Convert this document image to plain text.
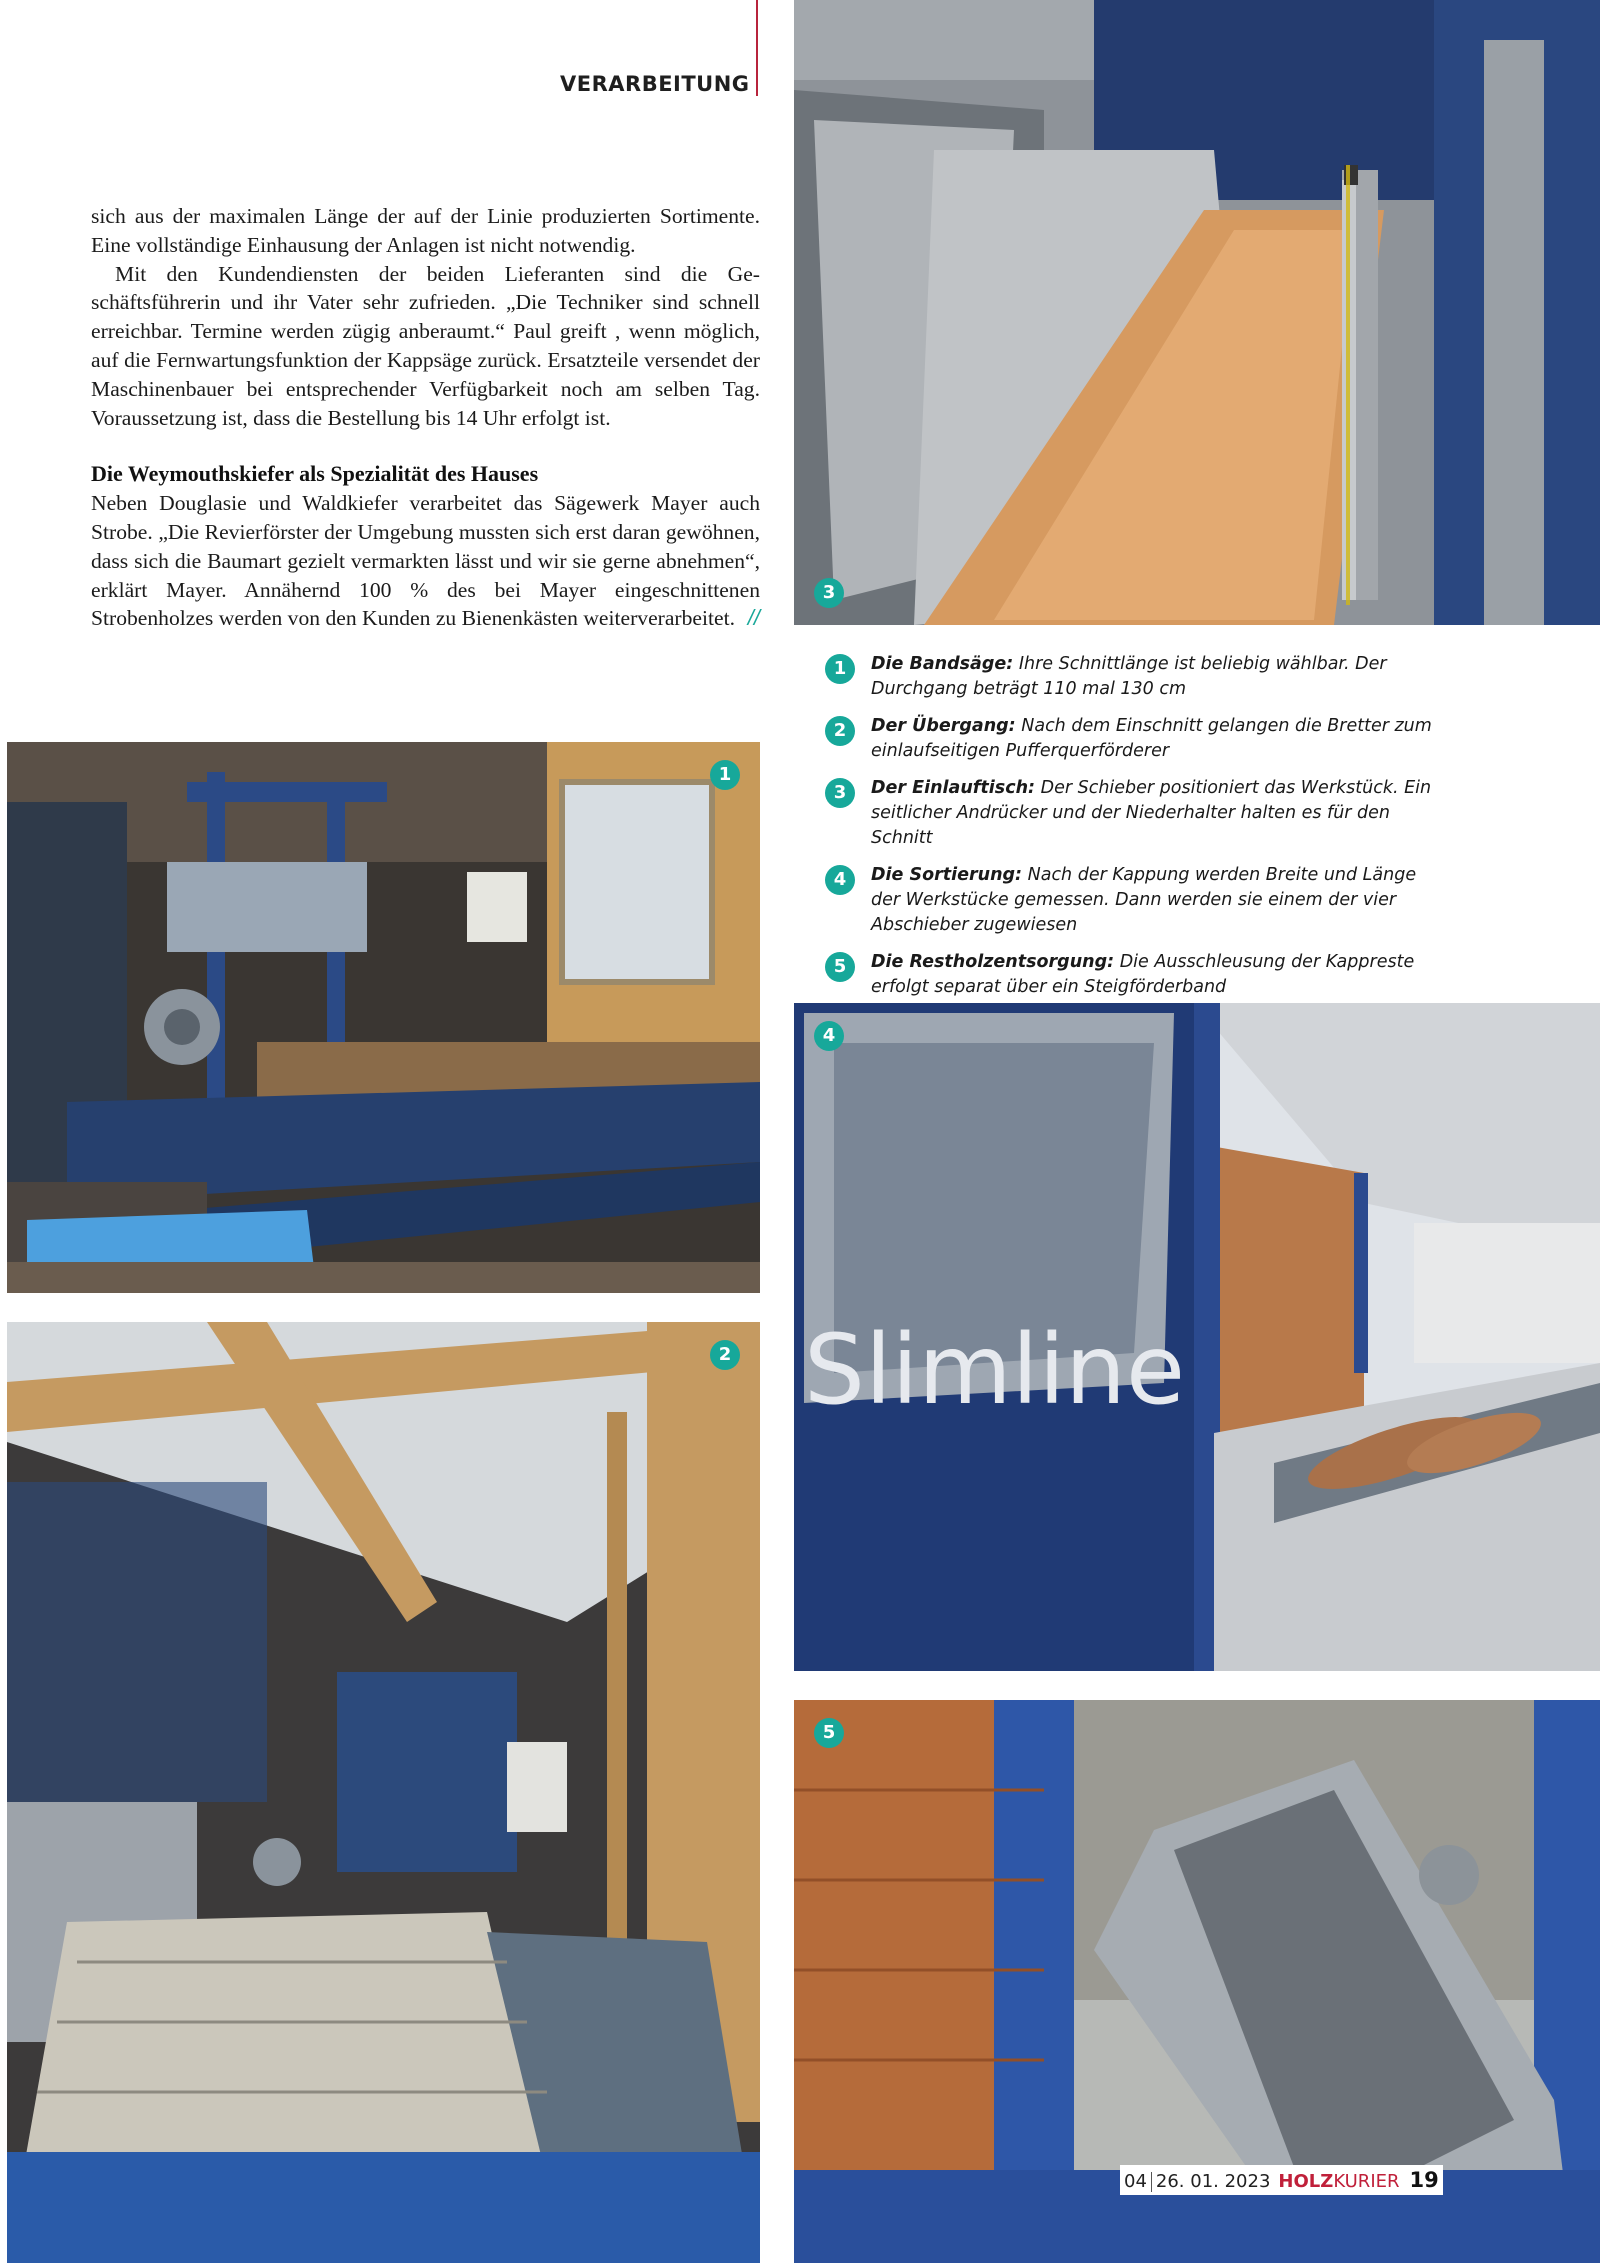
VERARBEITUNG

sich aus der maximalen Länge der auf der Linie produzierten Sortimente. Eine vollständige Einhausung der Anlagen ist nicht notwendig.

Mit den Kundendiensten der beiden Lieferanten sind die Geschäftsführerin und ihr Vater sehr zufrieden. „Die Techniker sind schnell erreichbar. Termine werden zügig anberaumt.“ Paul greift , wenn möglich, auf die Fernwartungsfunktion der Kappsäge zurück. Ersatzteile versendet der Maschinenbauer bei entsprechender Verfügbarkeit noch am selben Tag. Voraussetzung ist, dass die Bestellung bis 14 Uhr erfolgt ist.

Die Weymouthskiefer als Spezialität des Hauses

Neben Douglasie und Waldkiefer verarbeitet das Sägewerk Mayer auch Strobe. „Die Revierförster der Umgebung mussten sich erst daran gewöhnen, dass sich die Baumart gezielt vermarkten lässt und wir sie gerne abnehmen“, erklärt Mayer. Annähernd 100 % des bei Mayer eingeschnittenen Strobenholzes werden von den Kunden zu Bienenkästen weiterverarbeitet. //

1
2
3
Slimline
4
5
1	Die Bandsäge: Ihre Schnittlänge ist beliebig wählbar. Der Durchgang beträgt 110 mal 130 cm
2	Der Übergang: Nach dem Einschnitt gelangen die Bretter zum einlaufseitigen Pufferquerförderer
3	Der Einlauftisch: Der Schieber positioniert das Werkstück. Ein seitlicher Andrücker und der Niederhalter halten es für den Schnitt
4	Die Sortierung: Nach der Kappung werden Breite und Länge der Werkstücke gemessen. Dann werden sie einem der vier Abschieber zugewiesen
5	Die Restholzentsorgung: Die Ausschleusung der Kappreste erfolgt separat über ein Steigförderband
04 26. 01. 2023 HOLZKURIER 19
